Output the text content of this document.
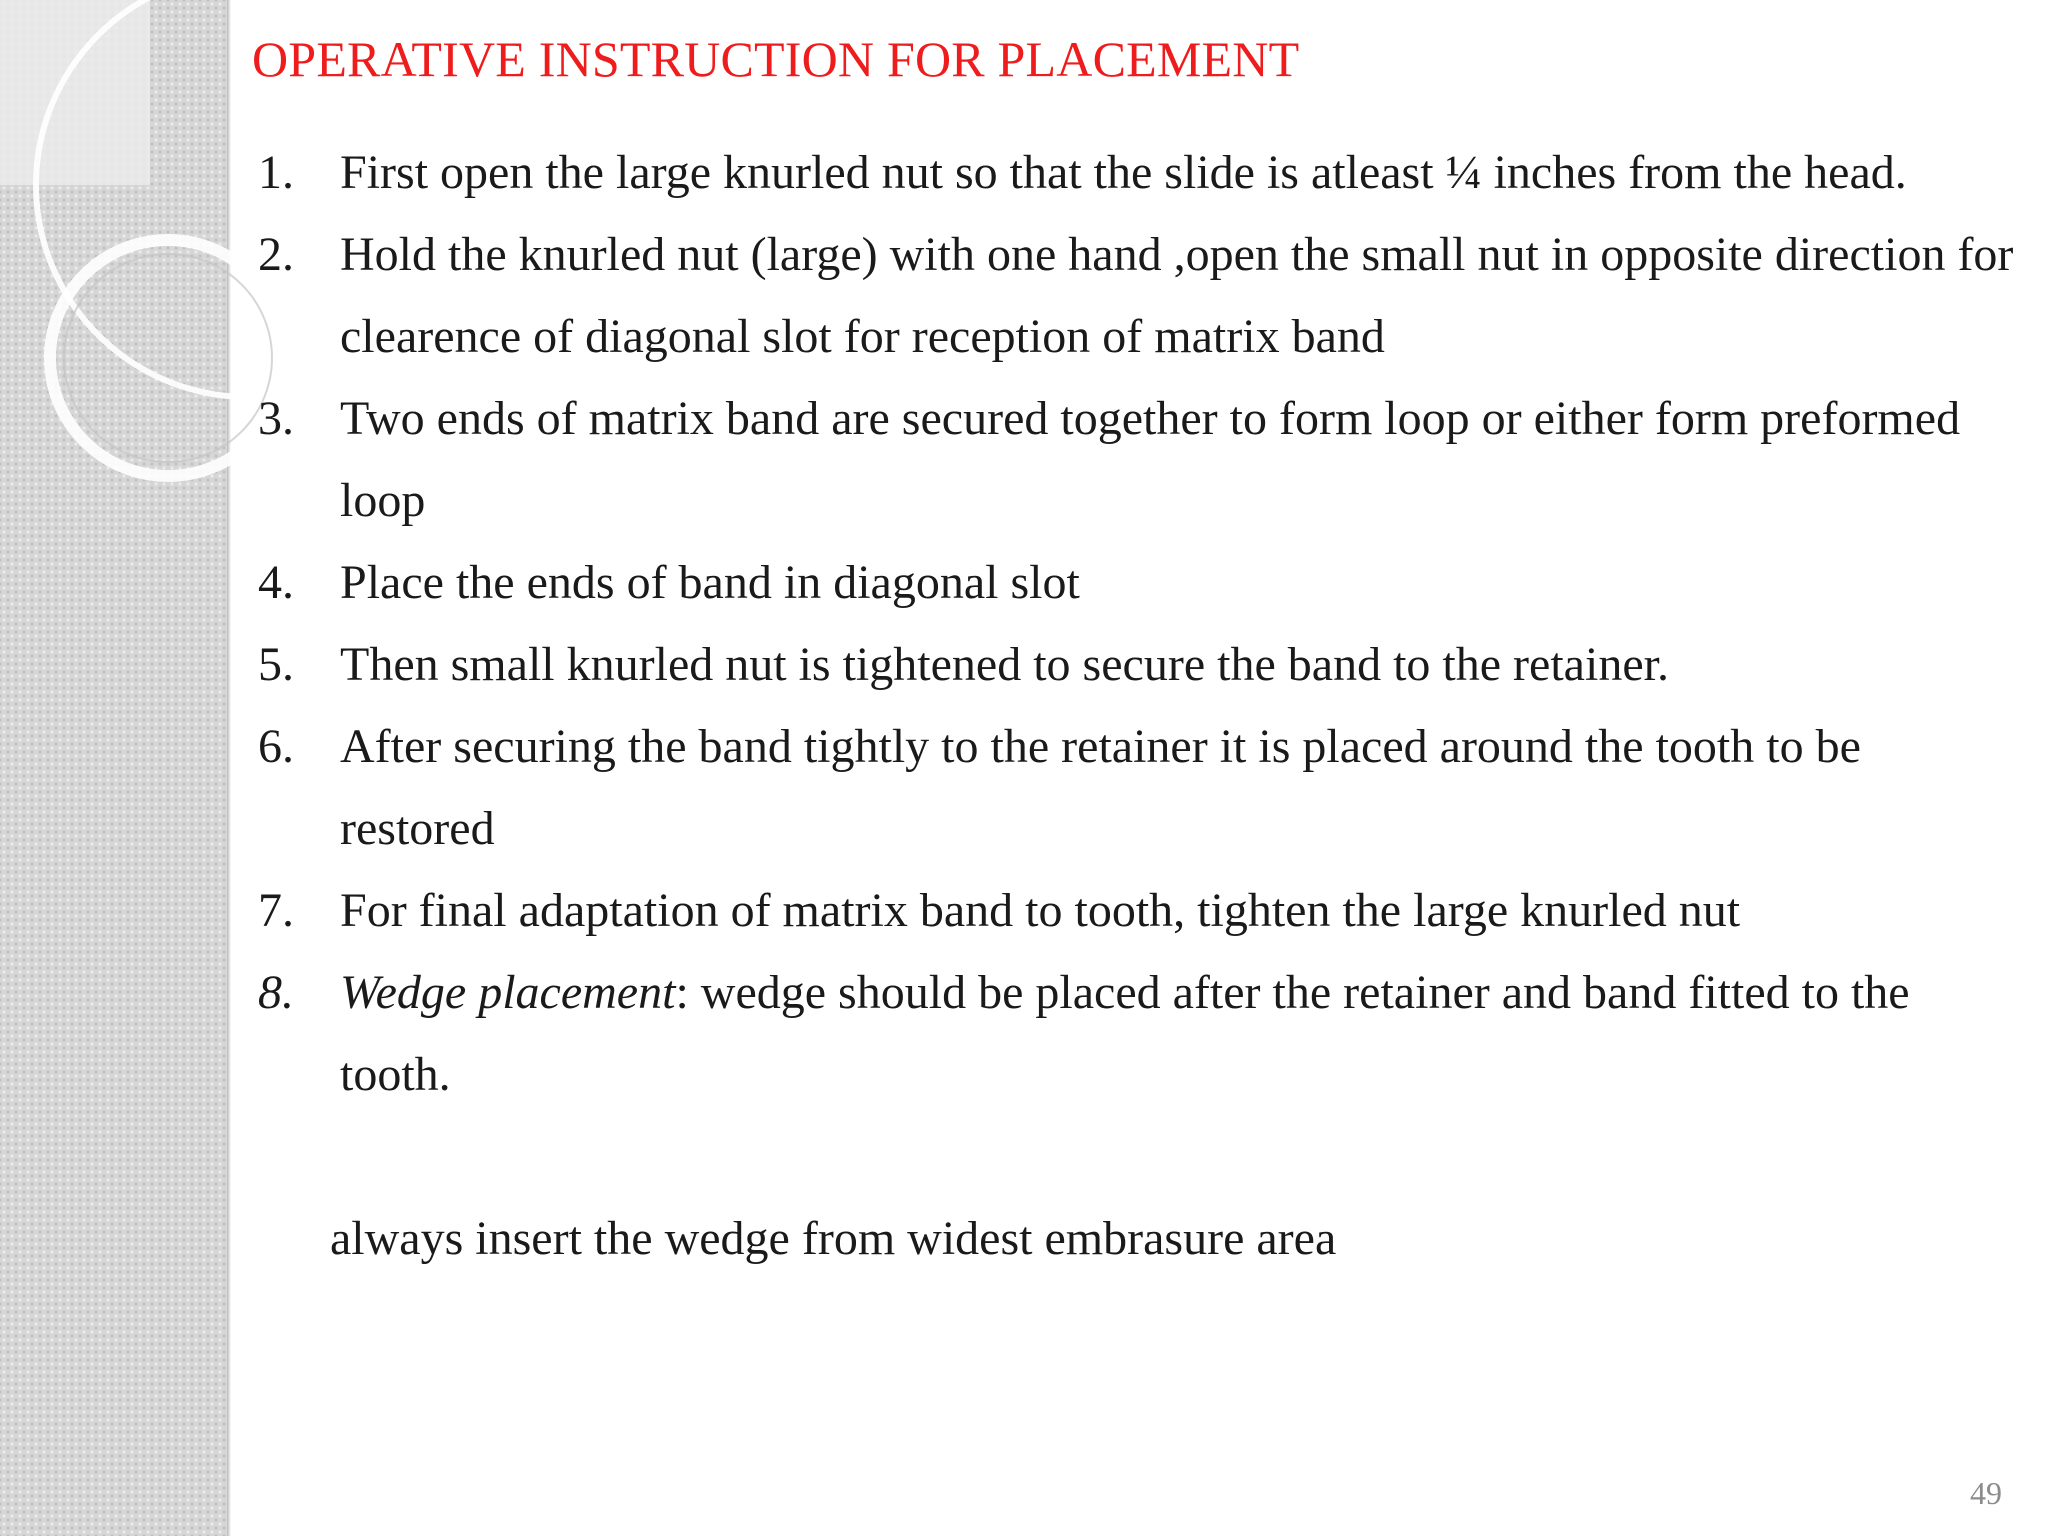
OPERATIVE INSTRUCTION FOR PLACEMENT
1. First open the large knurled nut so that the slide is atleast ¼ inches from the head.
2. Hold the knurled nut (large) with one hand ,open the small nut in opposite direction for clearence of diagonal slot for reception of matrix band
3. Two ends of matrix band are secured together to form loop or either form preformed loop
4. Place the ends of band in diagonal slot
5. Then small knurled nut is tightened to secure the band to the retainer.
6. After securing the band tightly to the retainer it is placed around the tooth to be restored
7. For final adaptation of matrix band to tooth, tighten the large knurled nut
8. Wedge placement: wedge should be placed after the retainer and band fitted to the tooth.

always insert the wedge from widest embrasure area

49
